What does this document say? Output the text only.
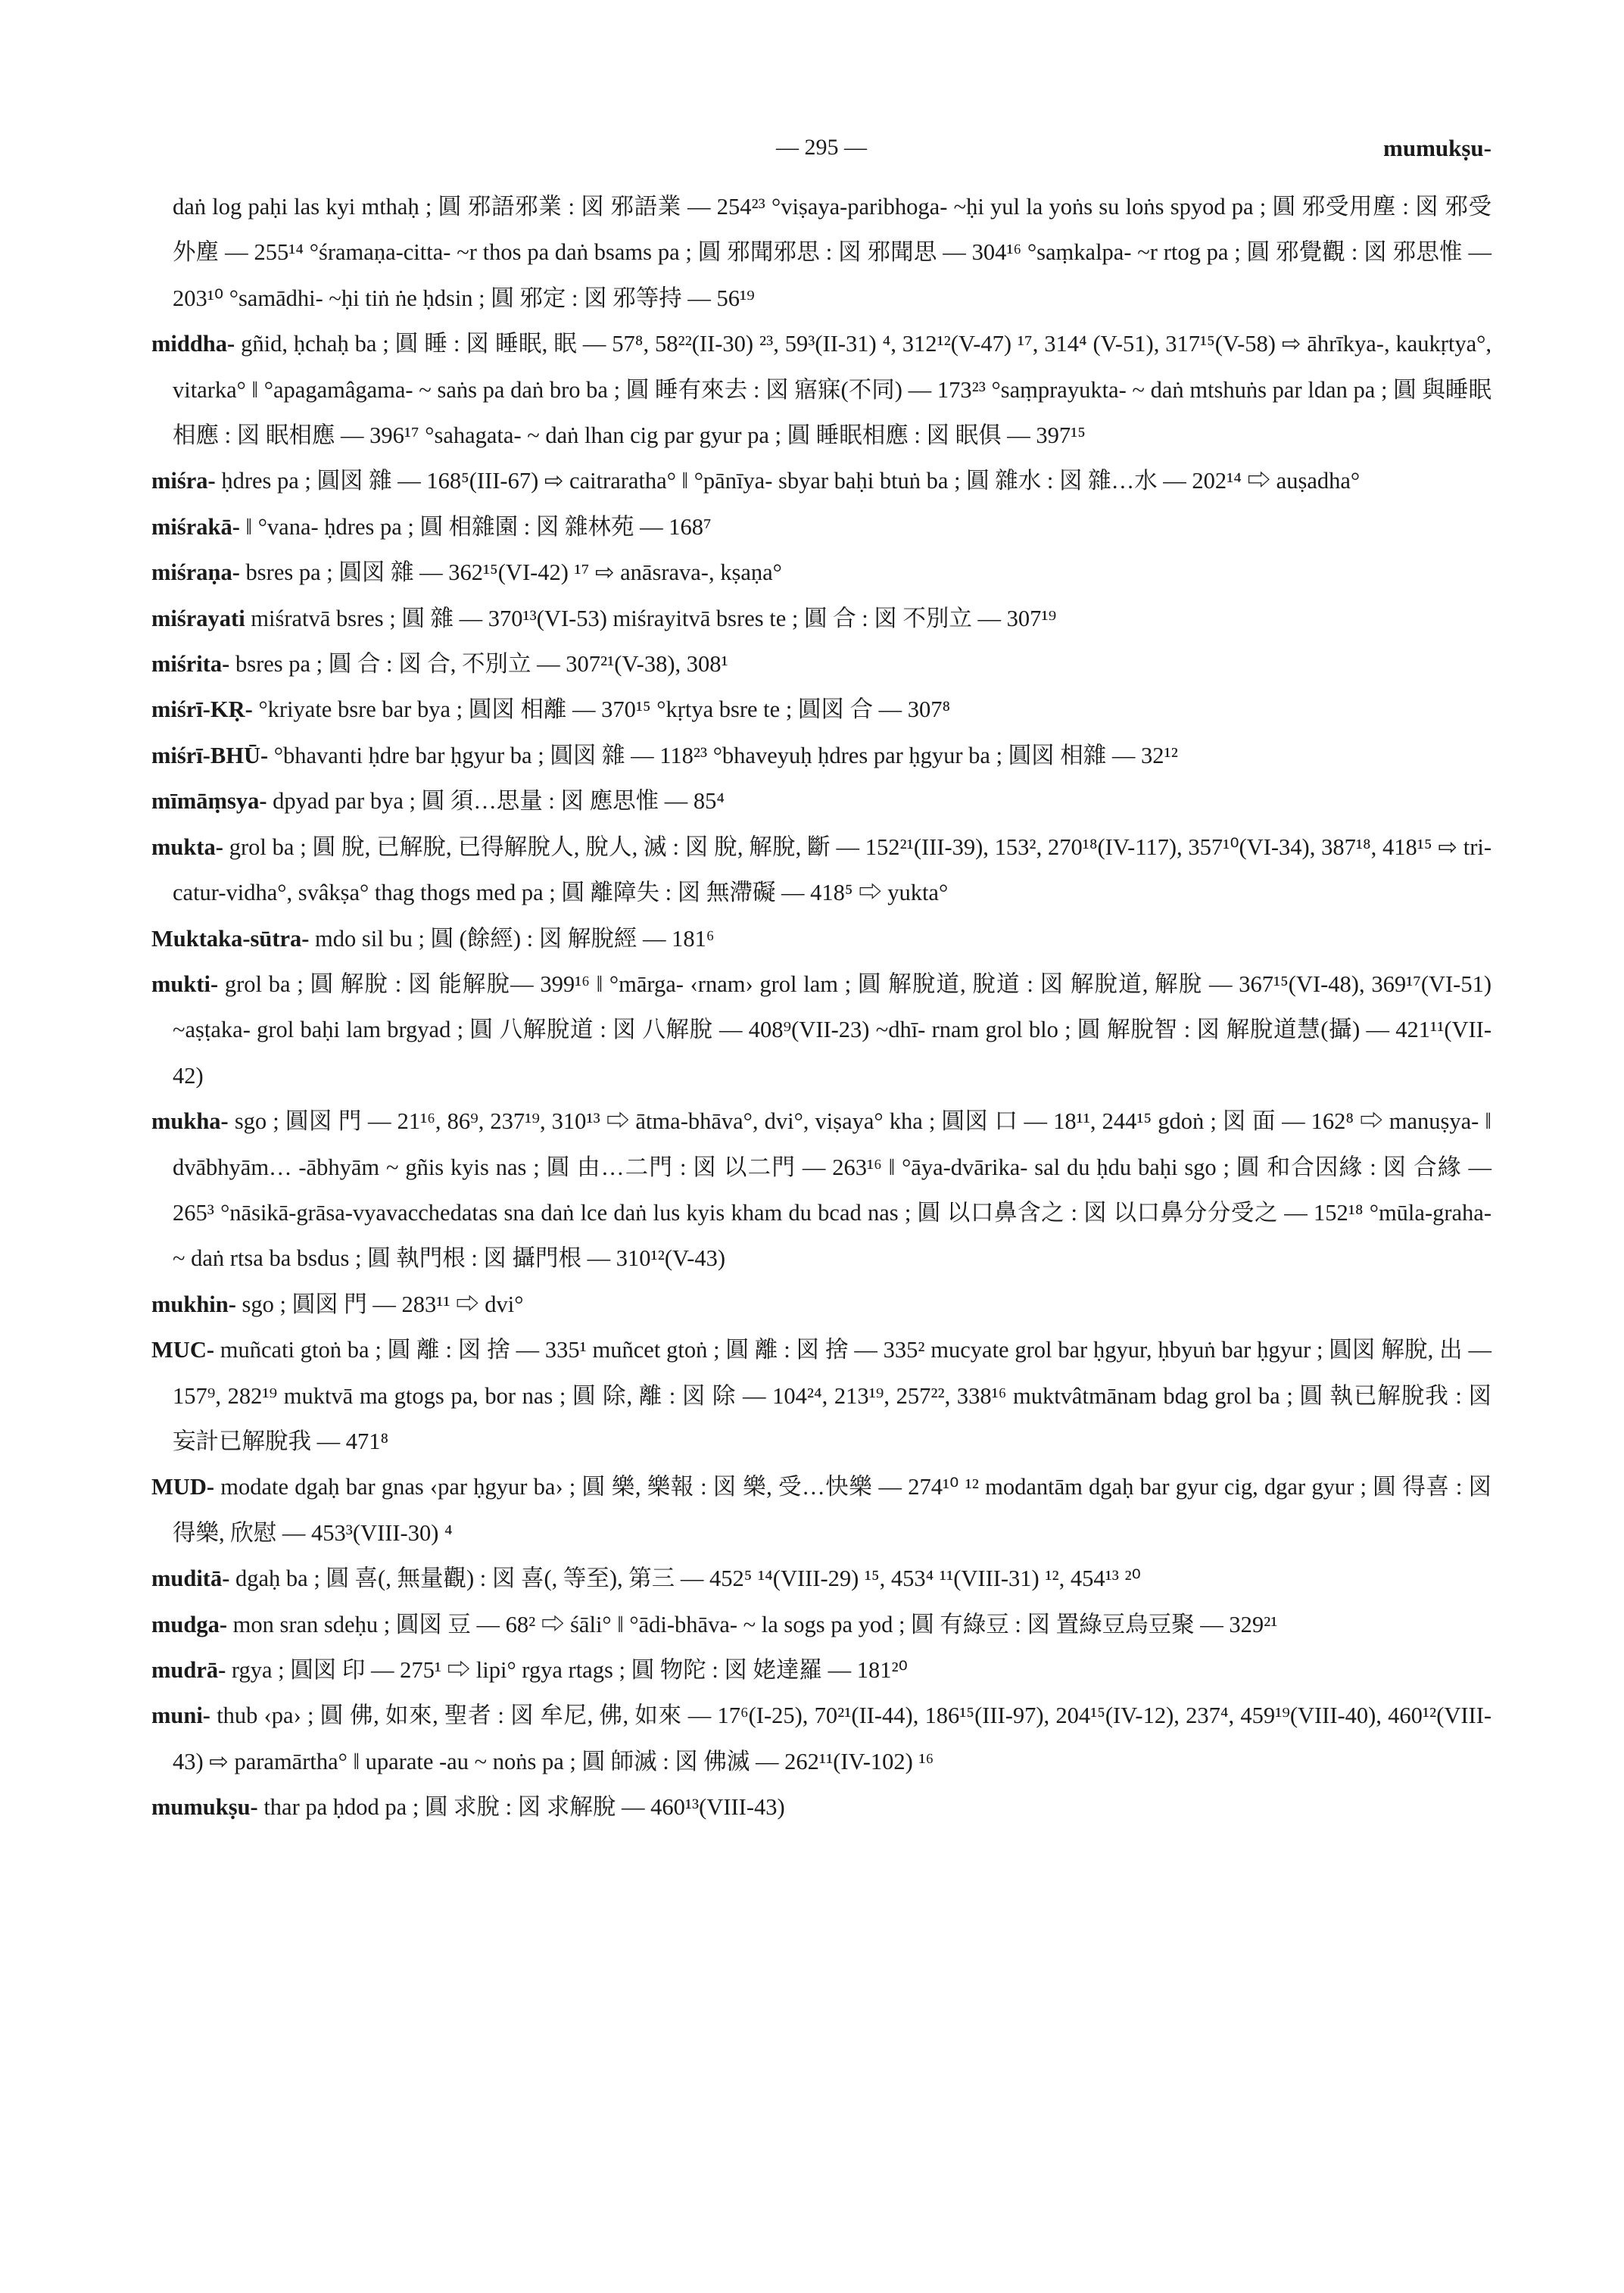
— 295 —	mumukṣu-

daṅ log paḥi las kyi mthaḥ ; 圓 邪語邪業 : 図 邪語業 — 254²³ °viṣaya-paribhoga- ~ḥi yul la yoṅs su loṅs spyod pa ; 圓 邪受用塵 : 図 邪受外塵 — 255¹⁴ °śramaṇa-citta- ~r thos pa daṅ bsams pa ; 圓 邪聞邪思 : 図 邪聞思 — 304¹⁶ °saṃkalpa- ~r rtog pa ; 圓 邪覺觀 : 図 邪思惟 — 203¹⁰ °samādhi- ~ḥi tiṅ ṅe ḥdsin ; 圓 邪定 : 図 邪等持 — 56¹⁹

middha- gñid, ḥchaḥ ba ; 圓 睡 : 図 睡眠, 眠 — 57⁸, 58²²(II-30) ²³, 59³(II-31) ⁴, 312¹²(V-47) ¹⁷, 314⁴ (V-51), 317¹⁵(V-58) ⇨ āhrīkya-, kaukṛtya°, vitarka° ‖ °apagamâgama- ~ saṅs pa daṅ bro ba ; 圓 睡有來去 : 図 寤寐(不同) — 173²³ °saṃprayukta- ~ daṅ mtshuṅs par ldan pa ; 圓 與睡眠相應 : 図 眠相應 — 396¹⁷ °sahagata- ~ daṅ lhan cig par gyur pa ; 圓 睡眠相應 : 図 眠俱 — 397¹⁵

miśra- ḥdres pa ; 圓図 雜 — 168⁵(III-67) ⇨ caitraratha° ‖ °pānīya- sbyar baḥi btuṅ ba ; 圓 雜水 : 図 雜…水 — 202¹⁴ ⇨ auṣadha°

miśrakā- ‖ °vana- ḥdres pa ; 圓 相雜園 : 図 雜林苑 — 168⁷

miśraṇa- bsres pa ; 圓図 雜 — 362¹⁵(VI-42) ¹⁷ ⇨ anāsrava-, kṣaṇa°

miśrayati miśratvā bsres ; 圓 雜 — 370¹³(VI-53) miśrayitvā bsres te ; 圓 合 : 図 不別立 — 307¹⁹

miśrita- bsres pa ; 圓 合 : 図 合, 不別立 — 307²¹(V-38), 308¹

miśrī-KṚ- °kriyate bsre bar bya ; 圓図 相離 — 370¹⁵ °kṛtya bsre te ; 圓図 合 — 307⁸

miśrī-BHŪ- °bhavanti ḥdre bar ḥgyur ba ; 圓図 雜 — 118²³ °bhaveyuḥ ḥdres par ḥgyur ba ; 圓図 相雜 — 32¹²

mīmāṃsya- dpyad par bya ; 圓 須…思量 : 図 應思惟 — 85⁴

mukta- grol ba ; 圓 脫, 已解脫, 已得解脫人, 脫人, 滅 : 図 脫, 解脫, 斷 — 152²¹(III-39), 153², 270¹⁸(IV-117), 357¹⁰(VI-34), 387¹⁸, 418¹⁵ ⇨ tri-catur-vidha°, svâkṣa° thag thogs med pa ; 圓 離障失 : 図 無滯礙 — 418⁵ ⇨ yukta°

Muktaka-sūtra- mdo sil bu ; 圓 (餘經) : 図 解脫經 — 181⁶

mukti- grol ba ; 圓 解脫 : 図 能解脫— 399¹⁶ ‖ °mārga- ‹rnam› grol lam ; 圓 解脫道, 脫道 : 図 解脫道, 解脫 — 367¹⁵(VI-48), 369¹⁷(VI-51) ~aṣṭaka- grol baḥi lam brgyad ; 圓 八解脫道 : 図 八解脫 — 408⁹(VII-23) ~dhī- rnam grol blo ; 圓 解脫智 : 図 解脫道慧(攝) — 421¹¹(VII-42)

mukha- sgo ; 圓図 門 — 21¹⁶, 86⁹, 237¹⁹, 310¹³ ⇨ ātma-bhāva°, dvi°, viṣaya° kha ; 圓図 口 — 18¹¹, 244¹⁵ gdoṅ ; 図 面 — 162⁸ ⇨ manuṣya- ‖ dvābhyām… -ābhyām ~ gñis kyis nas ; 圓 由…二門 : 図 以二門 — 263¹⁶ ‖ °āya-dvārika- sal du ḥdu baḥi sgo ; 圓 和合因緣 : 図 合緣 — 265³ °nāsikā-grāsa-vyavacchedatas sna daṅ lce daṅ lus kyis kham du bcad nas ; 圓 以口鼻含之 : 図 以口鼻分分受之 — 152¹⁸ °mūla-graha- ~ daṅ rtsa ba bsdus ; 圓 執門根 : 図 攝門根 — 310¹²(V-43)

mukhin- sgo ; 圓図 門 — 283¹¹ ⇨ dvi°

MUC- muñcati gtoṅ ba ; 圓 離 : 図 捨 — 335¹ muñcet gtoṅ ; 圓 離 : 図 捨 — 335² mucyate grol bar ḥgyur, ḥbyuṅ bar ḥgyur ; 圓図 解脫, 出 — 157⁹, 282¹⁹ muktvā ma gtogs pa, bor nas ; 圓 除, 離 : 図 除 — 104²⁴, 213¹⁹, 257²², 338¹⁶ muktvâtmānam bdag grol ba ; 圓 執已解脫我 : 図 妄計已解脫我 — 471⁸

MUD- modate dgaḥ bar gnas ‹par ḥgyur ba› ; 圓 樂, 樂報 : 図 樂, 受…快樂 — 274¹⁰ ¹² modantām dgaḥ bar gyur cig, dgar gyur ; 圓 得喜 : 図 得樂, 欣慰 — 453³(VIII-30) ⁴

muditā- dgaḥ ba ; 圓 喜(, 無量觀) : 図 喜(, 等至), 第三 — 452⁵ ¹⁴(VIII-29) ¹⁵, 453⁴ ¹¹(VIII-31) ¹², 454¹³ ²⁰

mudga- mon sran sdeḥu ; 圓図 豆 — 68² ⇨ śāli° ‖ °ādi-bhāva- ~ la sogs pa yod ; 圓 有綠豆 : 図 置綠豆烏豆聚 — 329²¹

mudrā- rgya ; 圓図 印 — 275¹ ⇨ lipi° rgya rtags ; 圓 物陀 : 図 姥達羅 — 181²⁰

muni- thub ‹pa› ; 圓 佛, 如來, 聖者 : 図 牟尼, 佛, 如來 — 17⁶(I-25), 70²¹(II-44), 186¹⁵(III-97), 204¹⁵(IV-12), 237⁴, 459¹⁹(VIII-40), 460¹²(VIII-43) ⇨ paramārtha° ‖ uparate -au ~ noṅs pa ; 圓 師滅 : 図 佛滅 — 262¹¹(IV-102) ¹⁶

mumukṣu- thar pa ḥdod pa ; 圓 求脫 : 図 求解脫 — 460¹³(VIII-43)
